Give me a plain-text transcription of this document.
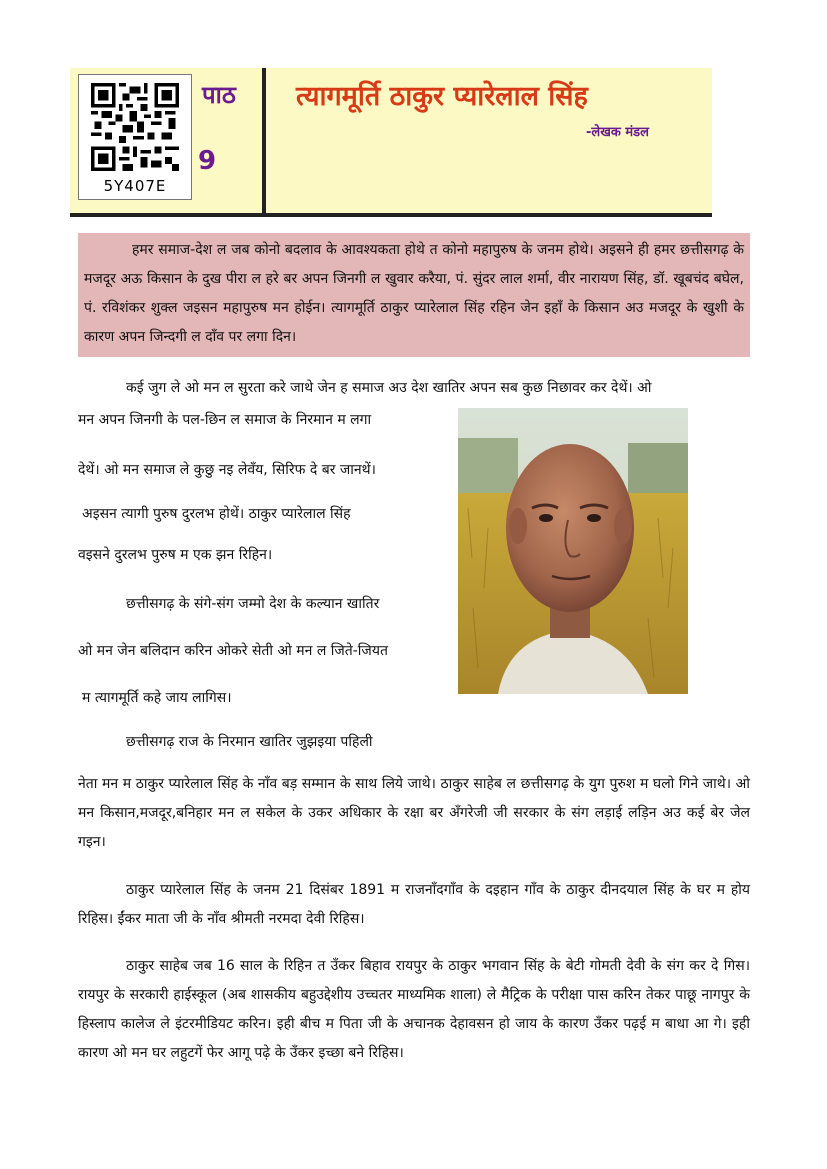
5Y407E
पाठ
9
त्यागमूर्ति ठाकुर प्यारेलाल सिंह
-लेखक मंडल
हमर समाज-देश ल जब कोनो बदलाव के आवश्यकता होथे त कोनो महापुरुष के जनम होथे। अइसने ही हमर छत्तीसगढ़ के मजदूर अऊ किसान के दुख पीरा ल हरे बर अपन जिनगी ल खुवार करैया, पं. सुंदर लाल शर्मा, वीर नारायण सिंह, डॉ. खूबचंद बघेल, पं. रविशंकर शुक्ल जइसन महापुरुष मन होईन। त्यागमूर्ति ठाकुर प्यारेलाल सिंह रहिन जेन इहाँ के किसान अउ मजदूर के खुशी के कारण अपन जिन्दगी ल दाँव पर लगा दिन।

कई जुग ले ओ मन ल सुरता करे जाथे जेन ह समाज अउ देश खातिर अपन सब कुछ निछावर कर देथें। ओ

मन अपन जिनगी के पल-छिन ल समाज के निरमान म लगा

देथें। ओ मन समाज ले कुछु नइ लेवँय, सिरिफ दे बर जानथें।

अइसन त्यागी पुरुष दुरलभ होथें। ठाकुर प्यारेलाल सिंह

वइसने दुरलभ पुरुष म एक झन रिहिन।

छत्तीसगढ़ के संगे-संग जम्मो देश के कल्यान खातिर

ओ मन जेन बलिदान करिन ओकरे सेती ओ मन ल जिते-जियत

म त्यागमूर्ति कहे जाय लागिस।

छत्तीसगढ़ राज के निरमान खातिर जुझइया पहिली

नेता मन म ठाकुर प्यारेलाल सिंह के नाँव बड़ सम्मान के साथ लिये जाथे। ठाकुर साहेब ल छत्तीसगढ़ के युग पुरुश म घलो गिने जाथे। ओ मन किसान,मजदूर,बनिहार मन ल सकेल के उकर अधिकार के रक्षा बर अँगरेजी जी सरकार के संग लड़ाई लड़िन अउ कई बेर जेल गइन।

ठाकुर प्यारेलाल सिंह के जनम 21 दिसंबर 1891 म राजनाँदगाँव के दइहान गाँव के ठाकुर दीनदयाल सिंह के घर म होय रिहिस। ईंकर माता जी के नाँव श्रीमती नरमदा देवी रिहिस।

ठाकुर साहेब जब 16 साल के रिहिन त उँकर बिहाव रायपुर के ठाकुर भगवान सिंह के बेटी गोमती देवी के संग कर दे गिस। रायपुर के सरकारी हाईस्कूल (अब शासकीय बहुउद्देशीय उच्चतर माध्यमिक शाला) ले मैट्रिक के परीक्षा पास करिन तेकर पाछू नागपुर के हिस्लाप कालेज ले इंटरमीडियट करिन। इही बीच म पिता जी के अचानक देहावसन हो जाय के कारण उँकर पढ़ई म बाधा आ गे। इही कारण ओ मन घर लहुटगें फेर आगू पढ़े के उँकर इच्छा बने रिहिस।
